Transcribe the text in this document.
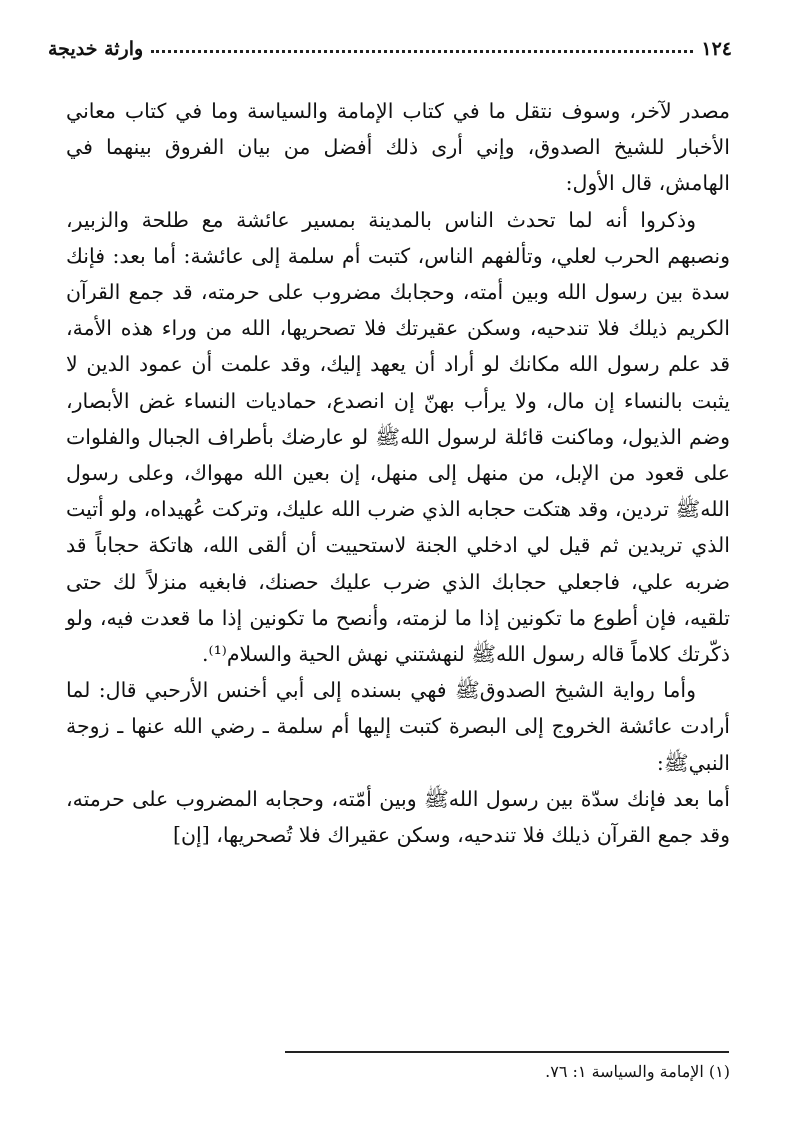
١٢٤
وارثة خديجة

مصدر لآخر، وسوف نتقل ما في كتاب الإمامة والسياسة وما في كتاب معاني الأخبار للشيخ الصدوق، وإني أرى ذلك أفضل من بيان الفروق بينهما في الهامش، قال الأول:

وذكروا أنه لما تحدث الناس بالمدينة بمسير عائشة مع طلحة والزبير، ونصبهم الحرب لعلي، وتألفهم الناس، كتبت أم سلمة إلى عائشة: أما بعد: فإنك سدة بين رسول الله وبين أمته، وحجابك مضروب على حرمته، قد جمع القرآن الكريم ذيلك فلا تندحيه، وسكن عقيرتك فلا تصحريها، الله من وراء هذه الأمة، قد علم رسول الله مكانك لو أراد أن يعهد إليك، وقد علمت أن عمود الدين لا يثبت بالنساء إن مال، ولا يرأب بهنّ إن انصدع، حماديات النساء غض الأبصار، وضم الذيول، وماكنت قائلة لرسول اللهﷺ لو عارضك بأطراف الجبال والفلوات على قعود من الإبل، من منهل إلى منهل، إن بعين الله مهواك، وعلى رسول اللهﷺ تردين، وقد هتكت حجابه الذي ضرب الله عليك، وتركت عُهيداه، ولو أتيت الذي تريدين ثم قيل لي ادخلي الجنة لاستحييت أن ألقى الله، هاتكة حجاباً قد ضربه علي، فاجعلي حجابك الذي ضرب عليك حصنك، فابغيه منزلاً لك حتى تلقيه، فإن أطوع ما تكونين إذا ما لزمته، وأنصح ما تكونين إذا ما قعدت فيه، ولو ذكّرتك كلاماً قاله رسول اللهﷺ لنهشتني نهش الحية والسلام⁽¹⁾.

وأما رواية الشيخ الصدوقﷺ فهي بسنده إلى أبي أخنس الأرحبي قال: لما أرادت عائشة الخروج إلى البصرة كتبت إليها أم سلمة ـ رضي الله عنها ـ زوجة النبيﷺ:

أما بعد فإنك سدّة بين رسول اللهﷺ وبين أمّته، وحجابه المضروب على حرمته، وقد جمع القرآن ذيلك فلا تندحيه، وسكن عقيراك فلا تُصحريها، [إن]

(١) الإمامة والسياسة ١: ٧٦.
